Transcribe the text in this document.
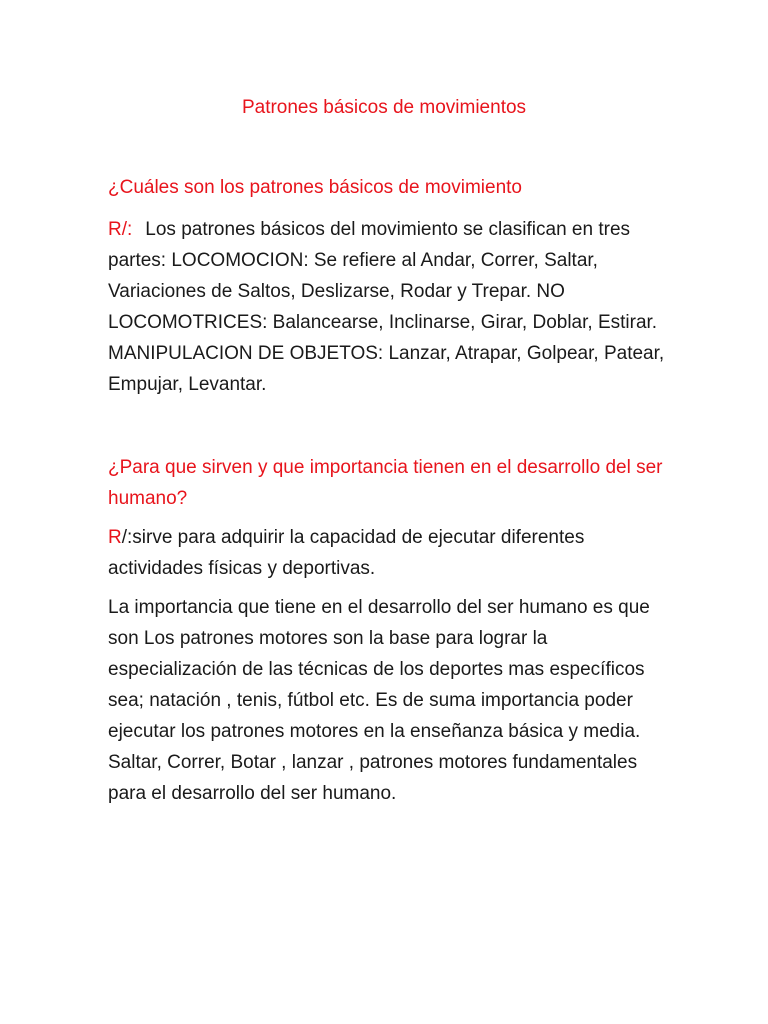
Patrones básicos de movimientos

¿Cuáles son los patrones básicos de movimiento

R/: Los patrones básicos del movimiento se clasifican en tres partes: LOCOMOCION: Se refiere al Andar, Correr, Saltar, Variaciones de Saltos, Deslizarse, Rodar y Trepar. NO LOCOMOTRICES: Balancearse, Inclinarse, Girar, Doblar, Estirar. MANIPULACION DE OBJETOS: Lanzar, Atrapar, Golpear, Patear, Empujar, Levantar.

¿Para que sirven y que importancia tienen en el desarrollo del ser humano?

R/:sirve para adquirir la capacidad de ejecutar diferentes actividades físicas y deportivas.

La importancia que tiene en el desarrollo del ser humano es que son Los patrones motores son la base para lograr la especialización de las técnicas de los deportes mas específicos sea; natación , tenis, fútbol etc. Es de suma importancia poder ejecutar los patrones motores en la enseñanza básica y media. Saltar, Correr, Botar , lanzar , patrones motores fundamentales para el desarrollo del ser humano.
